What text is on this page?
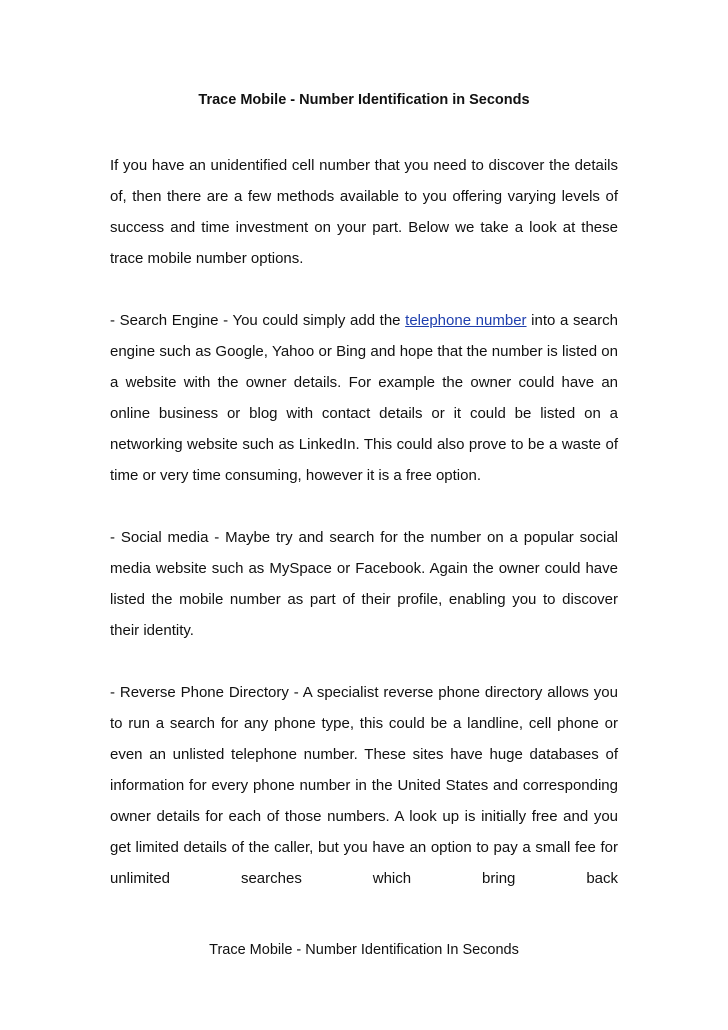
Trace Mobile - Number Identification in Seconds

If you have an unidentified cell number that you need to discover the details of, then there are a few methods available to you offering varying levels of success and time investment on your part. Below we take a look at these trace mobile number options.

- Search Engine - You could simply add the telephone number into a search engine such as Google, Yahoo or Bing and hope that the number is listed on a website with the owner details. For example the owner could have an online business or blog with contact details or it could be listed on a networking website such as LinkedIn. This could also prove to be a waste of time or very time consuming, however it is a free option.

- Social media - Maybe try and search for the number on a popular social media website such as MySpace or Facebook. Again the owner could have listed the mobile number as part of their profile, enabling you to discover their identity.

- Reverse Phone Directory - A specialist reverse phone directory allows you to run a search for any phone type, this could be a landline, cell phone or even an unlisted telephone number. These sites have huge databases of information for every phone number in the United States and corresponding owner details for each of those numbers. A look up is initially free and you get limited details of the caller, but you have an option to pay a small fee for unlimited searches which bring back

Trace Mobile - Number Identification In Seconds
